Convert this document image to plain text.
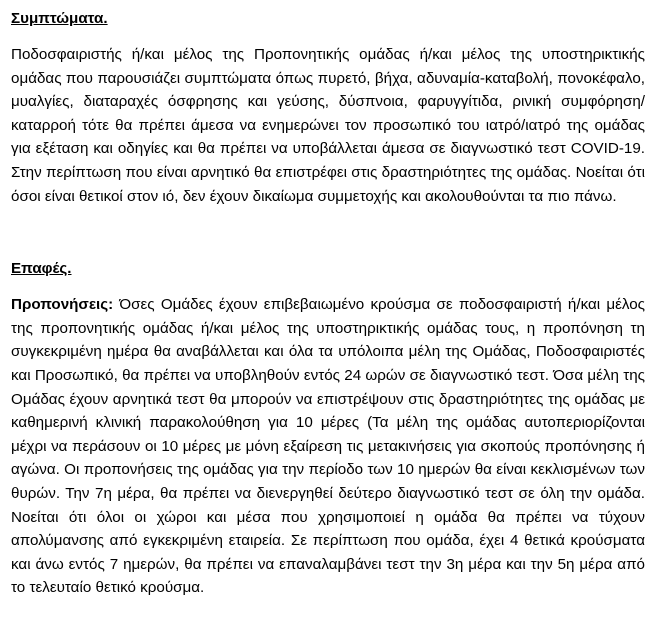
Συμπτώματα.

Ποδοσφαιριστής ή/και μέλος της Προπονητικής ομάδας ή/και μέλος της υποστηρικτικής ομάδας που παρουσιάζει συμπτώματα όπως πυρετό, βήχα, αδυναμία-καταβολή, πονοκέφαλο, μυαλγίες, διαταραχές όσφρησης και γεύσης, δύσπνοια, φαρυγγίτιδα, ρινική συμφόρηση/καταρροή τότε θα πρέπει άμεσα να ενημερώνει τον προσωπικό του ιατρό/ιατρό της ομάδας για εξέταση και οδηγίες και θα πρέπει να υποβάλλεται άμεσα σε διαγνωστικό τεστ COVID-19. Στην περίπτωση που είναι αρνητικό θα επιστρέφει στις δραστηριότητες της ομάδας. Νοείται ότι όσοι είναι θετικοί στον ιό, δεν έχουν δικαίωμα συμμετοχής και ακολουθούνται τα πιο πάνω.

Επαφές.

Προπονήσεις: Όσες Ομάδες έχουν επιβεβαιωμένο κρούσμα σε ποδοσφαιριστή ή/και μέλος της προπονητικής ομάδας ή/και μέλος της υποστηρικτικής ομάδας τους, η προπόνηση τη συγκεκριμένη ημέρα θα αναβάλλεται και όλα τα υπόλοιπα μέλη της Ομάδας, Ποδοσφαιριστές και Προσωπικό, θα πρέπει να υποβληθούν εντός 24 ωρών σε διαγνωστικό τεστ. Όσα μέλη της Ομάδας έχουν αρνητικά τεστ θα μπορούν να επιστρέψουν στις δραστηριότητες της ομάδας με καθημερινή κλινική παρακολούθηση για 10 μέρες (Τα μέλη της ομάδας αυτοπεριορίζονται μέχρι να περάσουν οι 10 μέρες με μόνη εξαίρεση τις μετακινήσεις για σκοπούς προπόνησης ή αγώνα. Οι προπονήσεις της ομάδας για την περίοδο των 10 ημερών θα είναι κεκλισμένων των θυρών. Την 7η μέρα, θα πρέπει να διενεργηθεί δεύτερο διαγνωστικό τεστ σε όλη την ομάδα. Νοείται ότι όλοι οι χώροι και μέσα που χρησιμοποιεί η ομάδα θα πρέπει να τύχουν απολύμανσης από εγκεκριμένη εταιρεία. Σε περίπτωση που ομάδα, έχει 4 θετικά κρούσματα και άνω εντός 7 ημερών, θα πρέπει να επαναλαμβάνει τεστ την 3η μέρα και την 5η μέρα από το τελευταίο θετικό κρούσμα.
